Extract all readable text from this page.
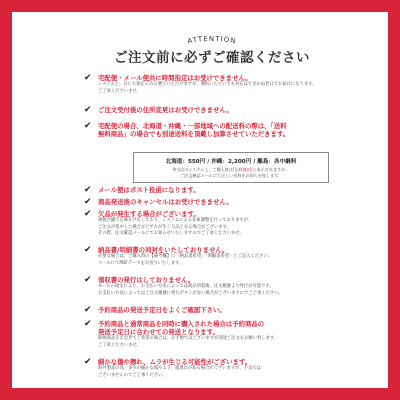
ATTENTION
ご注文前に必ずご確認ください
✔ 宅配便・メール便共に時間指定はお受けできません。
システム上、日にち指定のみお選びいただけますが、選択いただいても対応はできかね翌日でお届けになります。
ご了承くださいませ。
✔ ご注文受付後の住所変更はお受けできません。
✔ 宅配便の場合、北海道・沖縄・一部地域への配送料の際は、「送料
無料商品」の場合でも別途送料を頂戴し加算させていただきます。
北海道：550円 / 沖縄：2,200円 / 離島：各中継料
※当店のシステム上、ご購入時は[送料無料]と表示されますが、
ご注文確認メールにて正しい送料をお知らせ致します。
✔ メール便はポスト投函になります。
✔ 商品発送後のキャンセルはお受けできません。
✔ 欠品が発生する場合がございます。
複数店舗で在庫を共有しており、システムによる在庫調整を行っておりますが、
ご注文が集中した場合などずれが生じ欠品となる場合がございます。
その際、注文確認メールにてお知らせいたしますのでご了承くださいませ。
✔ 納品書/明細書の同封をいたしておりません。
必要な場合は、ご購入時の【備考欄】に「納品書希望」「明細書希望」とご記入ください。
メールにてPDFデータをお送りいたします。
✔ 領収書の発行はしておりません。
モールの規定により、お支払い方法によっては商品到着後、注文履歴より発行が可能です。
お支払い方法によってはご注文履歴に発行ボタンがない場合がございますのでご了承ください。
✔ 予約商品の発送予定日をよくご確認下さい。
✔ 予約商品と通常商品を同時に購入された場合は予約商品の
発送予定日に合わせての発送となります。
即納商品をお急ぎでご希望の場合は、お手数ではございますが別途ご注文をお願い致します。
ご了承くださいませ。
✔ 細かな傷や擦れ、ムラが生じる可能性がございます。
海外製品の為、多少の細かな傷やムラ、箱潰れがある場合がございますが、不良では
ございませんのでご了承ください。
